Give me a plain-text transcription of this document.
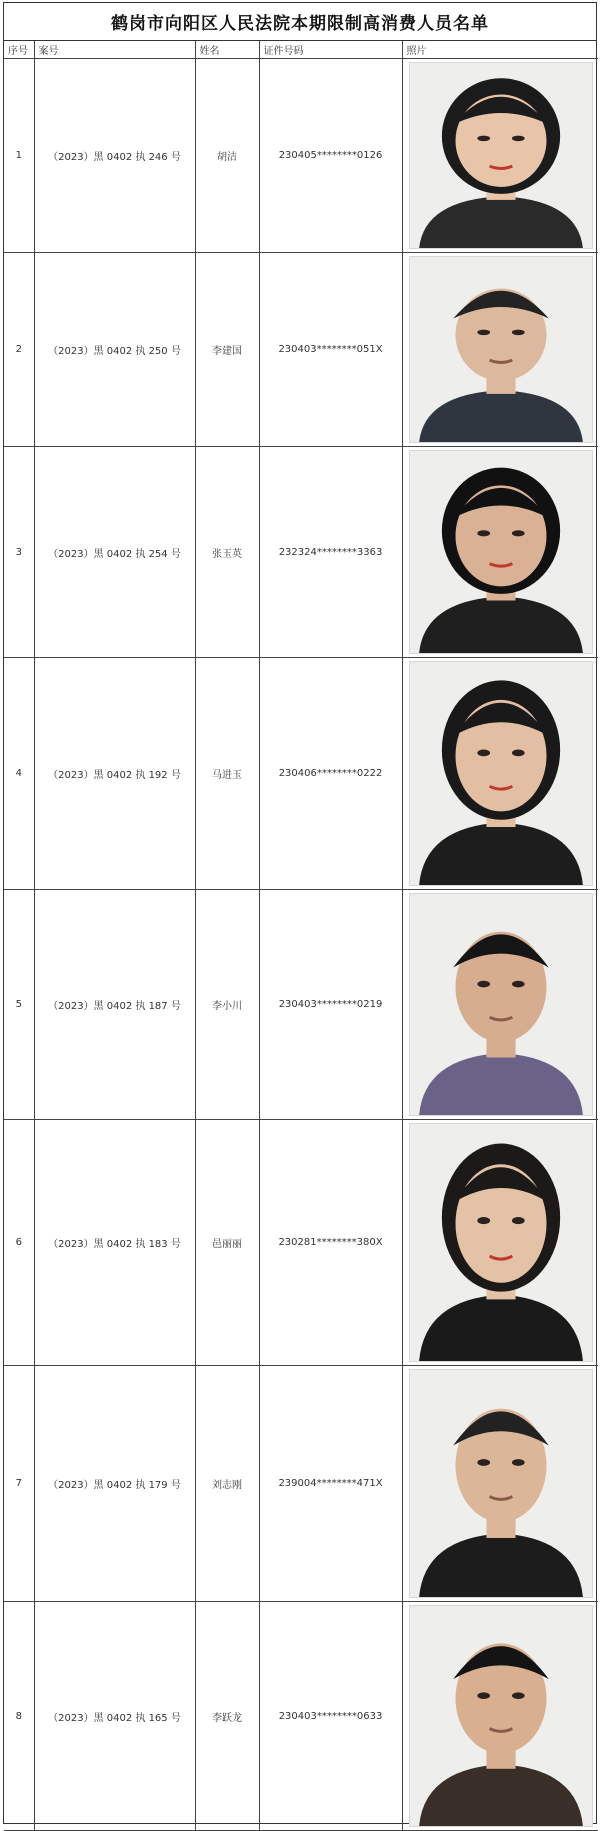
鹤岗市向阳区人民法院本期限制高消费人员名单
序号	案号	姓名	证件号码	照片
1	（2023）黑 0402 执 246 号	胡洁	230405********0126	

2	（2023）黑 0402 执 250 号	李建国	230403********051X	

3	（2023）黑 0402 执 254 号	张玉英	232324********3363	

4	（2023）黑 0402 执 192 号	马进玉	230406********0222	

5	（2023）黑 0402 执 187 号	李小川	230403********0219	

6	（2023）黑 0402 执 183 号	邑丽丽	230281********380X	

7	（2023）黑 0402 执 179 号	刘志刚	239004********471X	

8	（2023）黑 0402 执 165 号	李跃龙	230403********0633	
